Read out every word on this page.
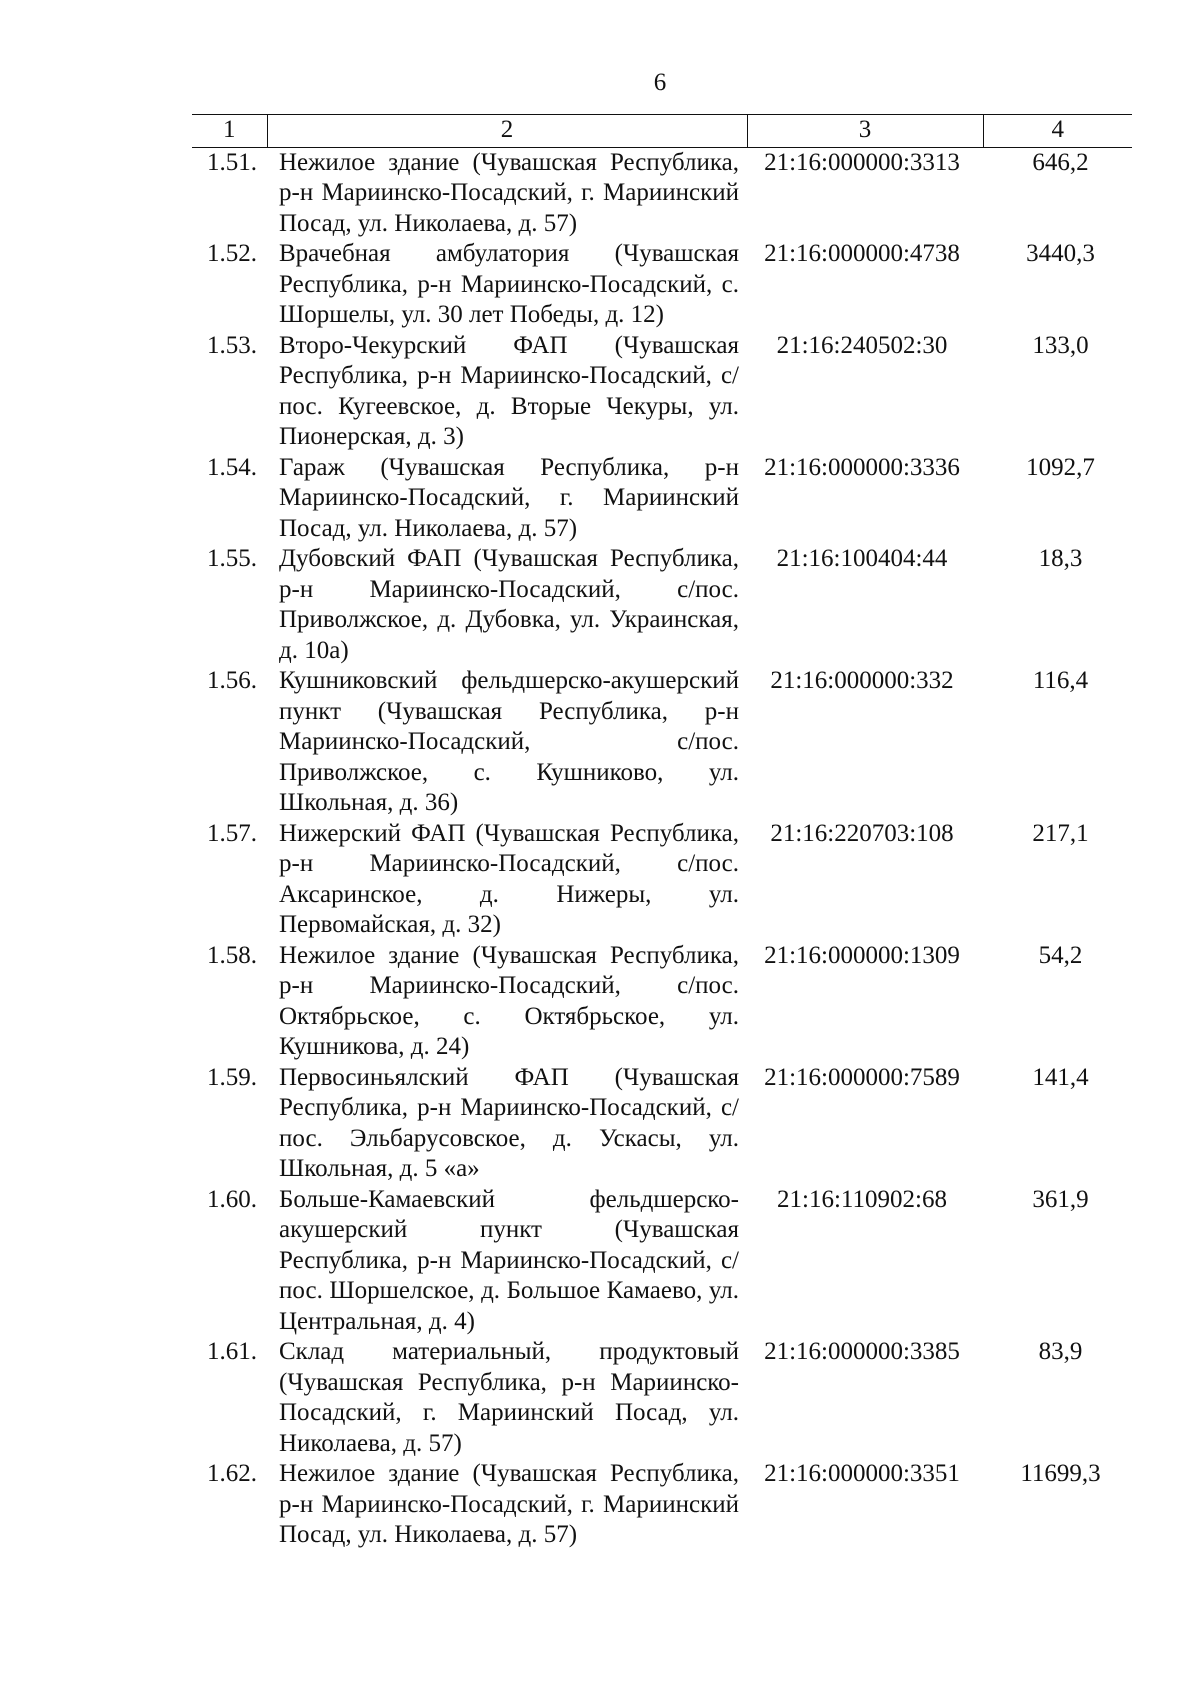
6
1	2	3	4
1.51.	Нежилое здание (Чувашская Республика, р-н Мариинско-Посадский, г. Мариинский Посад, ул. Николаева, д. 57)	21:16:000000:3313	646,2
1.52.	Врачебная амбулатория (Чувашская Республика, р-н Мариинско-Посадский, с. Шоршелы, ул. 30 лет Победы, д. 12)	21:16:000000:4738	3440,3
1.53.	Второ-Чекурский ФАП (Чувашская Республика, р-н Мариинско-Посадский, с/пос. Кугеевское, д. Вторые Чекуры, ул. Пионерская, д. 3)	21:16:240502:30	133,0
1.54.	Гараж (Чувашская Республика, р-н Мариинско-Посадский, г. Мариинский Посад, ул. Николаева, д. 57)	21:16:000000:3336	1092,7
1.55.	Дубовский ФАП (Чувашская Республика, р-н Мариинско-Посадский, с/пос. Приволжское, д. Дубовка, ул. Украинская, д. 10а)	21:16:100404:44	18,3
1.56.	Кушниковский фельдшерско-акушерский пункт (Чувашская Республика, р-н Мариинско-Посадский, с/пос. Приволжское, с. Кушниково, ул. Школьная, д. 36)	21:16:000000:332	116,4
1.57.	Нижерский ФАП (Чувашская Республика, р-н Мариинско-Посадский, с/пос. Аксаринское, д. Нижеры, ул. Первомайская, д. 32)	21:16:220703:108	217,1
1.58.	Нежилое здание (Чувашская Республика, р-н Мариинско-Посадский, с/пос. Октябрьское, с. Октябрьское, ул. Кушникова, д. 24)	21:16:000000:1309	54,2
1.59.	Первосиньялский ФАП (Чувашская Республика, р-н Мариинско-Посадский, с/пос. Эльбарусовское, д. Ускасы, ул. Школьная, д. 5 «а»	21:16:000000:7589	141,4
1.60.	Больше-Камаевский фельдшерско-акушерский пункт (Чувашская Республика, р-н Мариинско-Посадский, с/пос. Шоршелское, д. Большое Камаево, ул. Центральная, д. 4)	21:16:110902:68	361,9
1.61.	Склад материальный, продуктовый (Чувашская Республика, р-н Мариинско-Посадский, г. Мариинский Посад, ул. Николаева, д. 57)	21:16:000000:3385	83,9
1.62.	Нежилое здание (Чувашская Республика, р-н Мариинско-Посадский, г. Мариинский Посад, ул. Николаева, д. 57)	21:16:000000:3351	11699,3
